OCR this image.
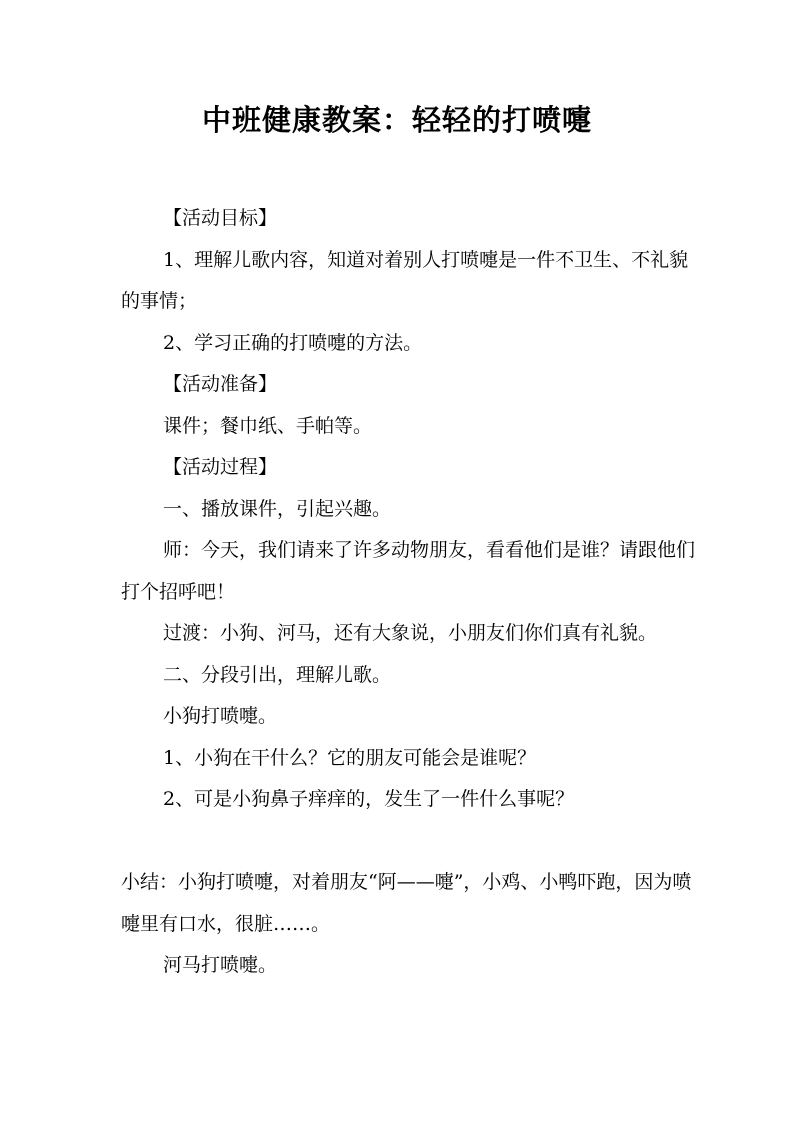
中班健康教案：轻轻的打喷嚏

【活动目标】

1、理解儿歌内容，知道对着别人打喷嚏是一件不卫生、不礼貌的事情；

2、学习正确的打喷嚏的方法。

【活动准备】

课件；餐巾纸、手帕等。

【活动过程】

一、播放课件，引起兴趣。

师：今天，我们请来了许多动物朋友，看看他们是谁？请跟他们打个招呼吧！

过渡：小狗、河马，还有大象说，小朋友们你们真有礼貌。

二、分段引出，理解儿歌。

小狗打喷嚏。

1、小狗在干什么？它的朋友可能会是谁呢？

2、可是小狗鼻子痒痒的，发生了一件什么事呢？

小结：小狗打喷嚏，对着朋友“阿——嚏”，小鸡、小鸭吓跑，因为喷嚏里有口水，很脏……。

河马打喷嚏。
